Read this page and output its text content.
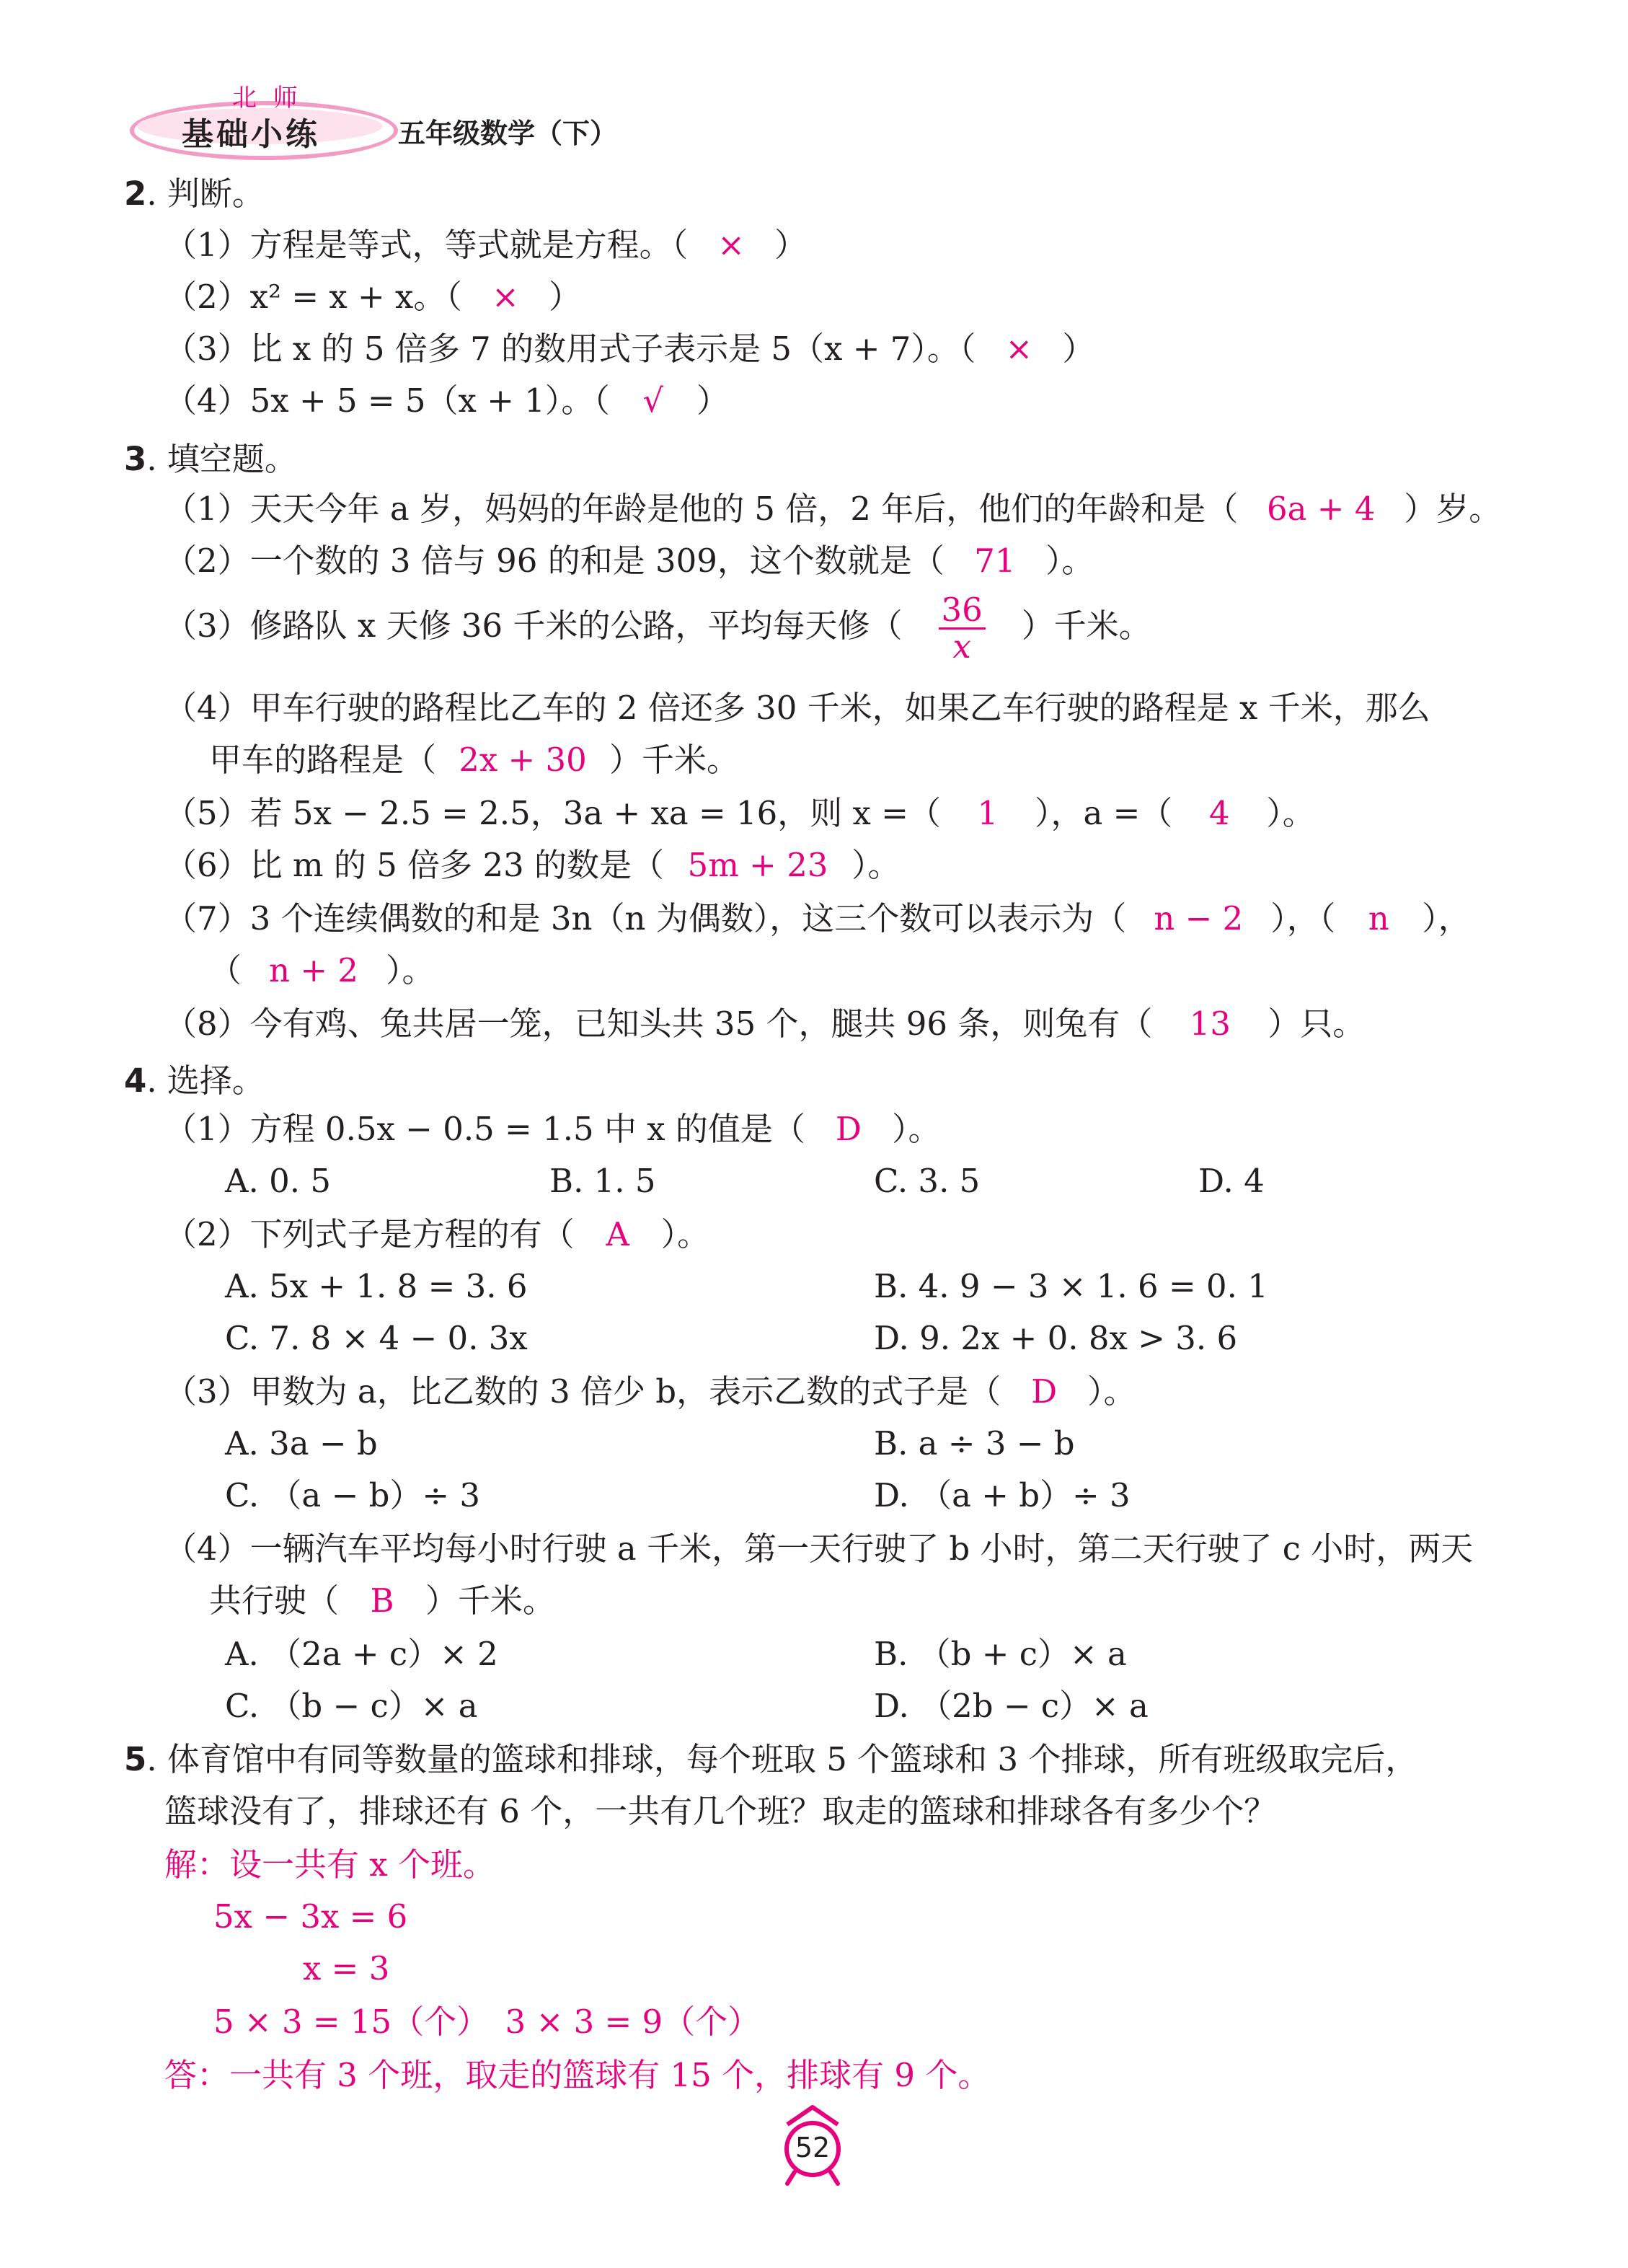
北 师
基础小练	五年级数学（下）
2. 判断。
（1）方程是等式，等式就是方程。（ × ）
（2）x² = x + x。（ × ）
（3）比 x 的 5 倍多 7 的数用式子表示是 5（x + 7）。（ × ）
（4）5x + 5 = 5（x + 1）。（ √ ）
3. 填空题。
（1）天天今年 a 岁，妈妈的年龄是他的 5 倍，2 年后，他们的年龄和是（ 6a + 4 ）岁。
（2）一个数的 3 倍与 96 的和是 309，这个数就是（ 71 ）。
（3）修路队 x 天修 36 千米的公路，平均每天修（ $\frac{36}{x}$ ）千米。
（4）甲车行驶的路程比乙车的 2 倍还多 30 千米，如果乙车行驶的路程是 x 千米，那么
甲车的路程是（ 2x + 30 ）千米。
（5）若 5x − 2.5 = 2.5，3a + xa = 16，则 x =（ 1 ），a =（ 4 ）。
（6）比 m 的 5 倍多 23 的数是（ 5m + 23 ）。
（7）3 个连续偶数的和是 3n（n 为偶数），这三个数可以表示为（ n − 2 ），（ n ），
（ n + 2 ）。
（8）今有鸡、兔共居一笼，已知头共 35 个，腿共 96 条，则兔有（ 13 ）只。
4. 选择。
（1）方程 0.5x − 0.5 = 1.5 中 x 的值是（ D ）。
A. 0. 5	B. 1. 5	C. 3. 5	D. 4
（2）下列式子是方程的有（ A ）。
A. 5x + 1. 8 = 3. 6	B. 4. 9 − 3 × 1. 6 = 0. 1
C. 7. 8 × 4 − 0. 3x	D. 9. 2x + 0. 8x > 3. 6
（3）甲数为 a，比乙数的 3 倍少 b，表示乙数的式子是（ D ）。
A. 3a − b	B. a ÷ 3 − b
C. （a − b）÷ 3	D. （a + b）÷ 3
（4）一辆汽车平均每小时行驶 a 千米，第一天行驶了 b 小时，第二天行驶了 c 小时，两天
共行驶（ B ）千米。
A. （2a + c）× 2	B. （b + c）× a
C. （b − c）× a	D. （2b − c）× a
5. 体育馆中有同等数量的篮球和排球，每个班取 5 个篮球和 3 个排球，所有班级取完后，
篮球没有了，排球还有 6 个，一共有几个班？取走的篮球和排球各有多少个？
解：设一共有 x 个班。
5x − 3x = 6
x = 3
5 × 3 = 15（个）　3 × 3 = 9（个）
答：一共有 3 个班，取走的篮球有 15 个，排球有 9 个。
52
